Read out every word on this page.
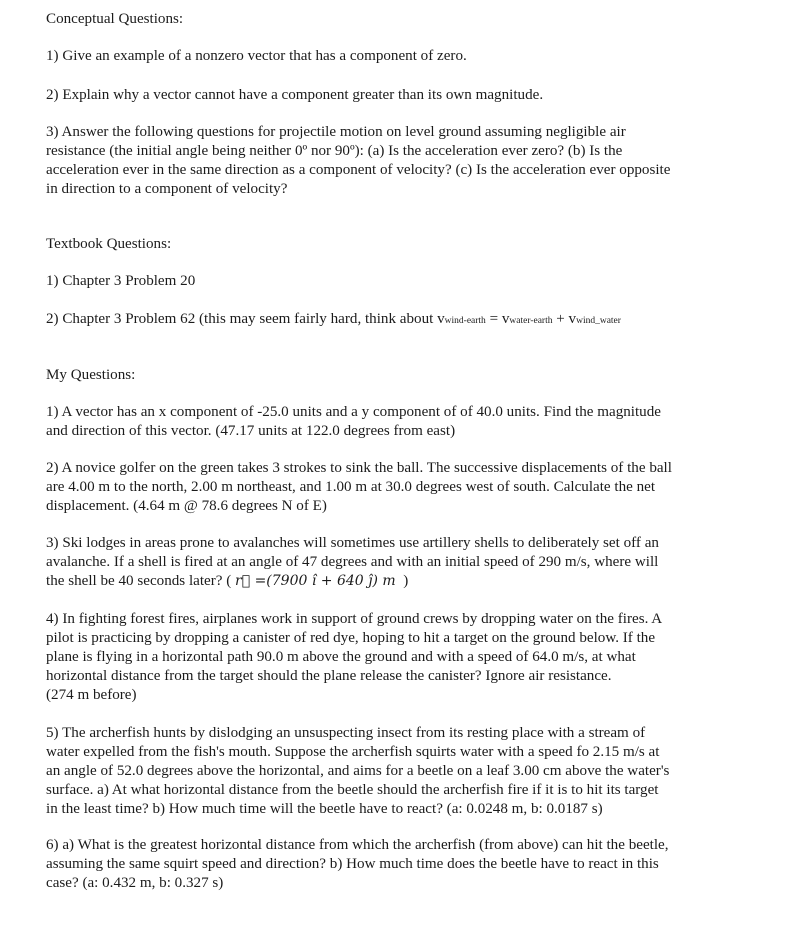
Conceptual Questions:

1) Give an example of a nonzero vector that has a component of zero.

2) Explain why a vector cannot have a component greater than its own magnitude.

3) Answer the following questions for projectile motion on level ground assuming negligible air
resistance (the initial angle being neither 0º nor 90º): (a) Is the acceleration ever zero? (b) Is the
acceleration ever in the same direction as a component of velocity? (c) Is the acceleration ever opposite
in direction to a component of velocity?

Textbook Questions:

1) Chapter 3 Problem 20

2) Chapter 3 Problem 62 (this may seem fairly hard, think about vwind-earth = vwater-earth + vwind_water

My Questions:

1) A vector has an x component of -25.0 units and a y component of of 40.0 units. Find the magnitude
and direction of this vector. (47.17 units at 122.0 degrees from east)
2) A novice golfer on the green takes 3 strokes to sink the ball. The successive displacements of the ball
are 4.00 m to the north, 2.00 m northeast, and 1.00 m at 30.0 degrees west of south. Calculate the net
displacement. (4.64 m @ 78.6 degrees N of E)
3) Ski lodges in areas prone to avalanches will sometimes use artillery shells to deliberately set off an
avalanche. If a shell is fired at an angle of 47 degrees and with an initial speed of 290 m/s, where will
the shell be 40 seconds later? ( r⃗ =(7900 î + 640 ĵ) m  )
4) In fighting forest fires, airplanes work in support of ground crews by dropping water on the fires. A
pilot is practicing by dropping a canister of red dye, hoping to hit a target on the ground below. If the
plane is flying in a horizontal path 90.0 m above the ground and with a speed of 64.0 m/s, at what
horizontal distance from the target should the plane release the canister? Ignore air resistance.
(274 m before)
5) The archerfish hunts by dislodging an unsuspecting insect from its resting place with a stream of
water expelled from the fish's mouth. Suppose the archerfish squirts water with a speed fo 2.15 m/s at
an angle of 52.0 degrees above the horizontal, and aims for a beetle on a leaf 3.00 cm above the water's
surface. a) At what horizontal distance from the beetle should the archerfish fire if it is to hit its target
in the least time? b) How much time will the beetle have to react? (a: 0.0248 m, b: 0.0187 s)
6) a) What is the greatest horizontal distance from which the archerfish (from above) can hit the beetle,
assuming the same squirt speed and direction? b) How much time does the beetle have to react in this
case? (a: 0.432 m, b: 0.327 s)
